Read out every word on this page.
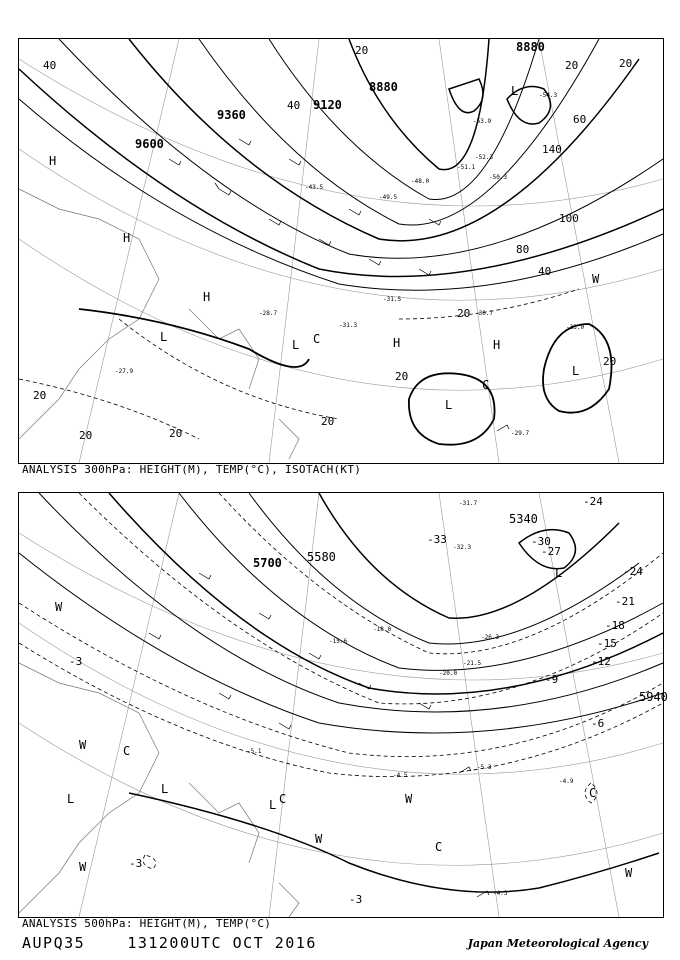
8880
9120
9360
9600
8880
20
40
60
80
100
140
40
20
20
20
20
40
20
20
20
20
20
H
H
H
H	H
L
L
L
L
L
W
C
C
-29.7
-30.7
-31.5
-33.0
-27.9
-28.7
-31.3
-50.3
-52.3
-53.9
-54.3
-51.1
-49.5
-48.0
-43.5
ANALYSIS 300hPa: HEIGHT(M), TEMP(°C), ISOTACH(KT)
5700 5580
5340
5940
-24
-27
-30
-33
-24
-21
-18
-15
-12
-9
-6
-3
-3
-3
W
W
W
W
W
W
C
C
C
C
L
L
L
L
-5.3
-4.5
-4.3
-4.9
-5.1
-31.7
-32.3
-26.3
-21.5
-18.0
-20.0
-15.6
ANALYSIS 500hPa: HEIGHT(M), TEMP(°C)
AUPQ35	131200UTC OCT 2016	Japan Meteorological Agency
